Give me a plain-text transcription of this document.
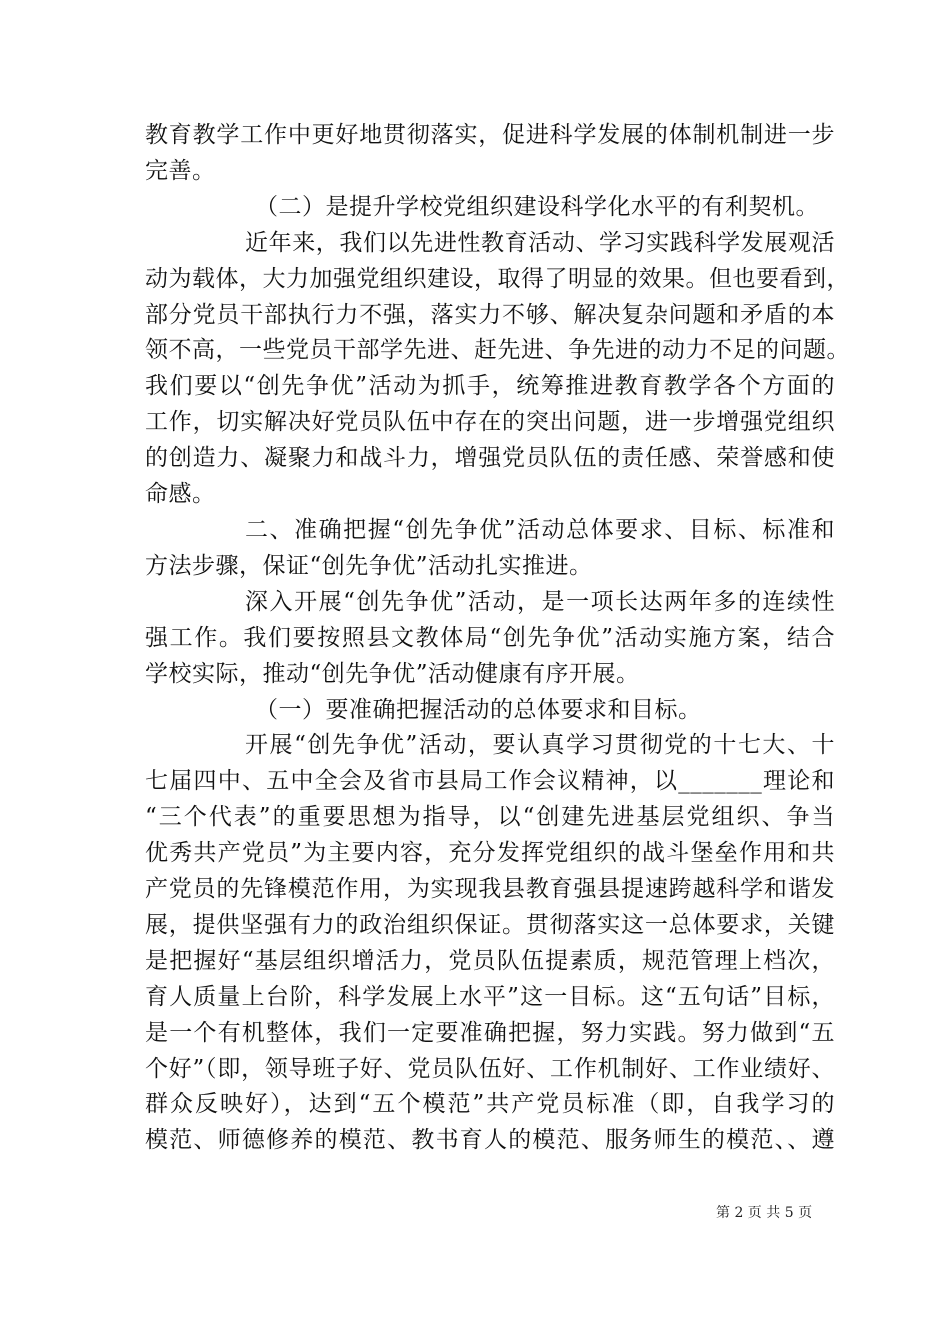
教育教学工作中更好地贯彻落实，促进科学发展的体制机制进一步

完善。

（二）是提升学校党组织建设科学化水平的有利契机。

近年来，我们以先进性教育活动、学习实践科学发展观活

动为载体，大力加强党组织建设，取得了明显的效果。但也要看到，

部分党员干部执行力不强，落实力不够、解决复杂问题和矛盾的本

领不高，一些党员干部学先进、赶先进、争先进的动力不足的问题。

我们要以“创先争优”活动为抓手，统筹推进教育教学各个方面的

工作，切实解决好党员队伍中存在的突出问题，进一步增强党组织

的创造力、凝聚力和战斗力，增强党员队伍的责任感、荣誉感和使

命感。

二、准确把握“创先争优”活动总体要求、目标、标准和

方法步骤，保证“创先争优”活动扎实推进。

深入开展“创先争优”活动，是一项长达两年多的连续性

强工作。我们要按照县文教体局“创先争优”活动实施方案，结合

学校实际，推动“创先争优”活动健康有序开展。

（一）要准确把握活动的总体要求和目标。

开展“创先争优”活动，要认真学习贯彻党的十七大、十

七届四中、五中全会及省市县局工作会议精神，以_______理论和

“三个代表”的重要思想为指导，以“创建先进基层党组织、争当

优秀共产党员”为主要内容，充分发挥党组织的战斗堡垒作用和共

产党员的先锋模范作用，为实现我县教育强县提速跨越科学和谐发

展，提供坚强有力的政治组织保证。贯彻落实这一总体要求，关键

是把握好“基层组织增活力，党员队伍提素质，规范管理上档次，

育人质量上台阶，科学发展上水平”这一目标。这“五句话”目标，

是一个有机整体，我们一定要准确把握，努力实践。努力做到“五

个好”（即，领导班子好、党员队伍好、工作机制好、工作业绩好、

群众反映好），达到“五个模范”共产党员标准（即，自我学习的

模范、师德修养的模范、教书育人的模范、服务师生的模范、、遵

第 2 页 共 5 页
